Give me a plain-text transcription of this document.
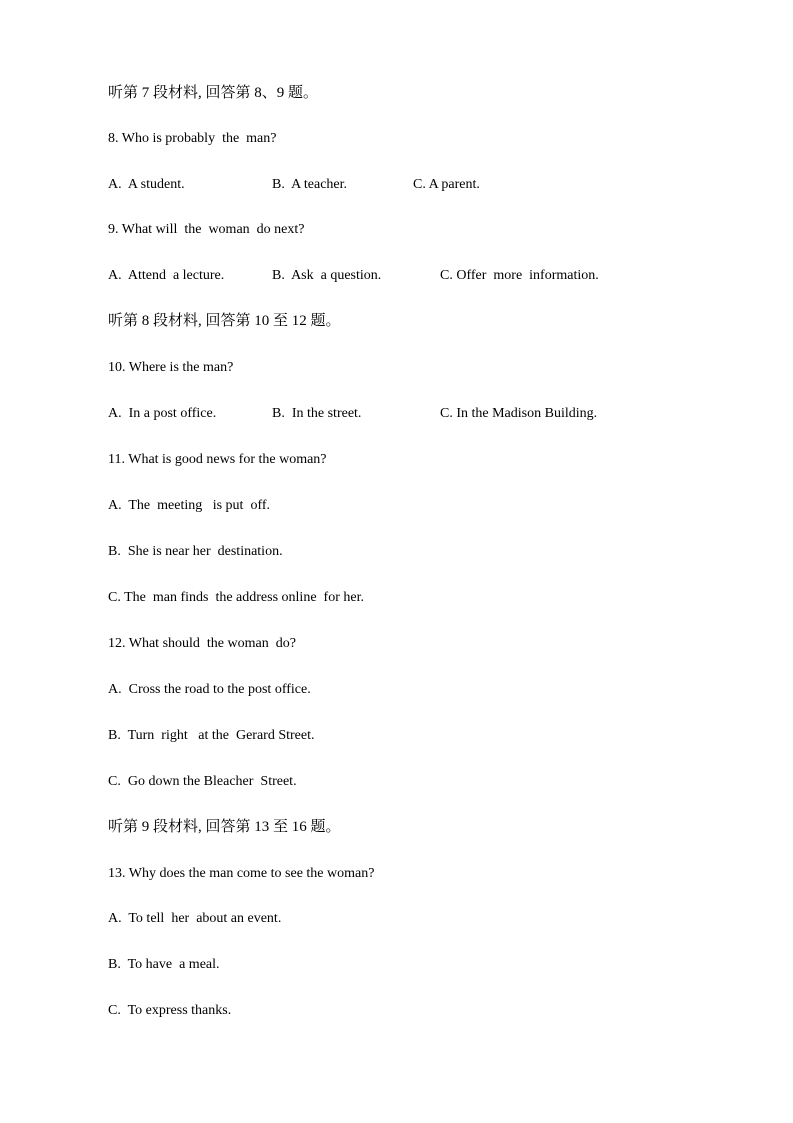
听第 7 段材料, 回答第 8、9 题。
8. Who is probably  the  man?
A.  A student.	B.  A teacher.	C. A parent.
9. What will  the  woman  do next?
A.  Attend  a lecture.	B.  Ask  a question.	C. Offer  more  information.
听第 8 段材料, 回答第 10 至 12 题。
10. Where is the man?
A.  In a post office.	B.  In the street.	C. In the Madison Building.
11. What is good news for the woman?
A.  The  meeting   is put  off.
B.  She is near her  destination.
C. The  man finds  the address online  for her.
12. What should  the woman  do?
A.  Cross the road to the post office.
B.  Turn  right   at the  Gerard Street.
C.  Go down the Bleacher  Street.
听第 9 段材料, 回答第 13 至 16 题。
13. Why does the man come to see the woman?
A.  To tell  her  about an event.
B.  To have  a meal.
C.  To express thanks.
